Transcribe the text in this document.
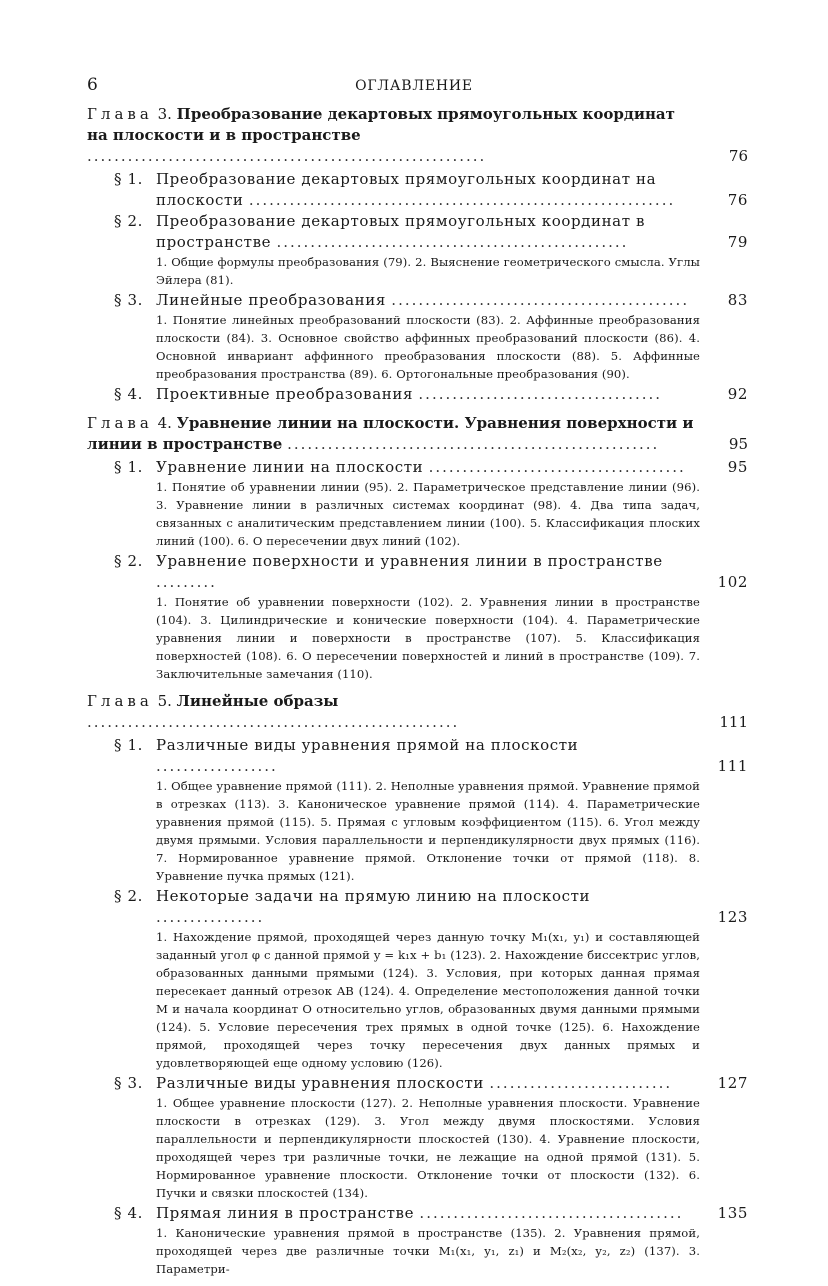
6	ОГЛАВЛЕНИЕ
Глава 3. Преобразование декартовых прямоугольных координат на плоскости и в пространстве ...........................................................	76
§ 1. Преобразование декартовых прямоугольных координат на плоскости ...............................................................	76
§ 2. Преобразование декартовых прямоугольных координат в пространстве ....................................................	79
1. Общие формулы преобразования (79). 2. Выяснение геометрического смысла. Углы Эйлера (81).
§ 3. Линейные преобразования ............................................	83
1. Понятие линейных преобразований плоскости (83). 2. Аффинные преобразования плоскости (84). 3. Основное свойство аффинных преобразований плоскости (86). 4. Основной инвариант аффинного преобразования плоскости (88). 5. Аффинные преобразования пространства (89). 6. Ортогональные преобразования (90).
§ 4. Проективные преобразования ....................................	92
Глава 4. Уравнение линии на плоскости. Уравнения поверхности и линии в пространстве .......................................................	95
§ 1. Уравнение линии на плоскости ......................................	95
1. Понятие об уравнении линии (95). 2. Параметрическое представление линии (96). 3. Уравнение линии в различных системах координат (98). 4. Два типа задач, связанных с аналитическим представлением линии (100). 5. Классификация плоских линий (100). 6. О пересечении двух линий (102).
§ 2. Уравнение поверхности и уравнения линии в пространстве .........	102
1. Понятие об уравнении поверхности (102). 2. Уравнения линии в пространстве (104). 3. Цилиндрические и конические поверхности (104). 4. Параметрические уравнения линии и поверхности в пространстве (107). 5. Классификация поверхностей (108). 6. О пересечении поверхностей и линий в пространстве (109). 7. Заключительные замечания (110).
Глава 5. Линейные образы .......................................................	111
§ 1. Различные виды уравнения прямой на плоскости ..................	111
1. Общее уравнение прямой (111). 2. Неполные уравнения прямой. Уравнение прямой в отрезках (113). 3. Каноническое уравнение прямой (114). 4. Параметрические уравнения прямой (115). 5. Прямая с угловым коэффициентом (115). 6. Угол между двумя прямыми. Условия параллельности и перпендикулярности двух прямых (116). 7. Нормированное уравнение прямой. Отклонение точки от прямой (118). 8. Уравнение пучка прямых (121).
§ 2. Некоторые задачи на прямую линию на плоскости ................	123
1. Нахождение прямой, проходящей через данную точку M₁(x₁, y₁) и составляющей заданный угол φ с данной прямой y = k₁x + b₁ (123). 2. Нахождение биссектрис углов, образованных данными прямыми (124). 3. Условия, при которых данная прямая пересекает данный отрезок AB (124). 4. Определение местоположения данной точки M и начала координат O относительно углов, образованных двумя данными прямыми (124). 5. Условие пересечения трех прямых в одной точке (125). 6. Нахождение прямой, проходящей через точку пересечения двух данных прямых и удовлетворяющей еще одному условию (126).
§ 3. Различные виды уравнения плоскости ...........................	127
1. Общее уравнение плоскости (127). 2. Неполные уравнения плоскости. Уравнение плоскости в отрезках (129). 3. Угол между двумя плоскостями. Условия параллельности и перпендикулярности плоскостей (130). 4. Уравнение плоскости, проходящей через три различные точки, не лежащие на одной прямой (131). 5. Нормированное уравнение плоскости. Отклонение точки от плоскости (132). 6. Пучки и связки плоскостей (134).
§ 4. Прямая линия в пространстве .......................................	135
1. Канонические уравнения прямой в пространстве (135). 2. Уравнения прямой, проходящей через две различные точки M₁(x₁, y₁, z₁) и M₂(x₂, y₂, z₂) (137). 3. Параметри-
